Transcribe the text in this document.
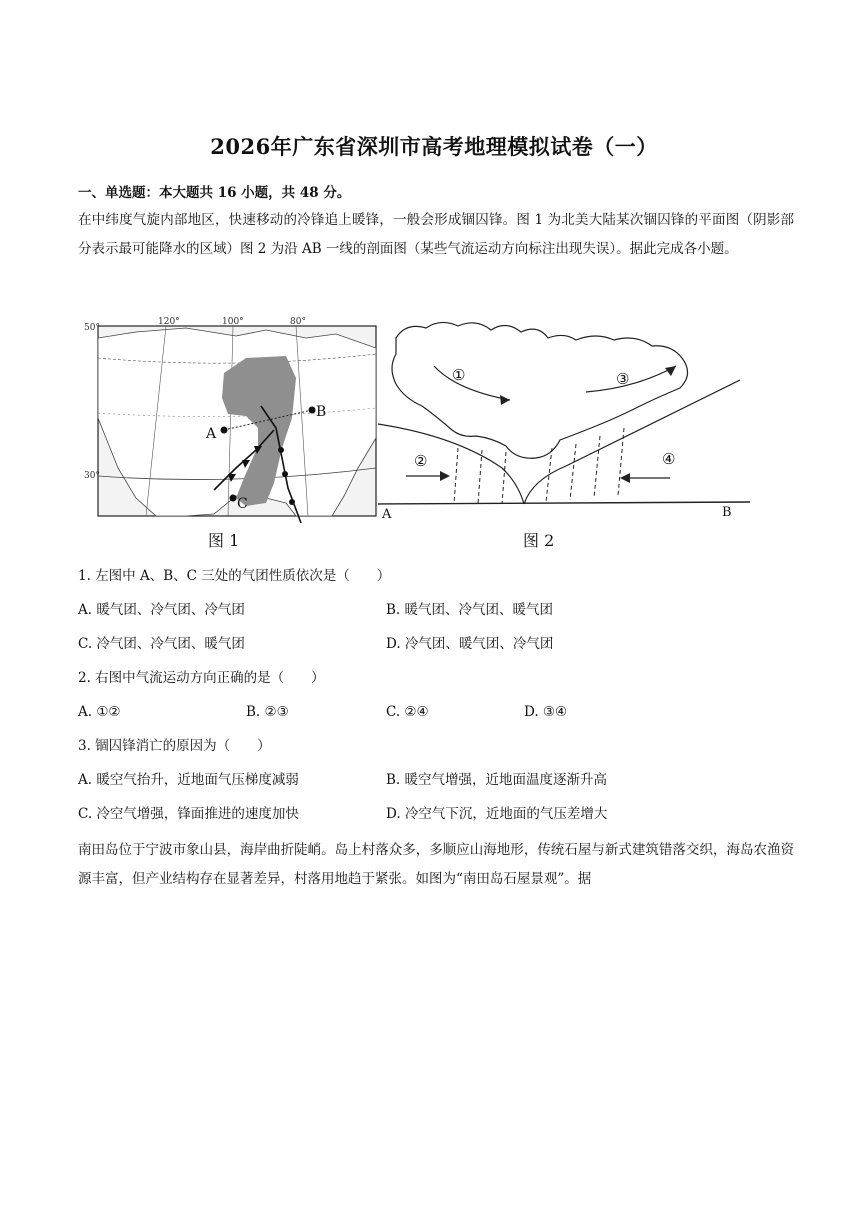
2026年广东省深圳市高考地理模拟试卷（一）
一、单选题：本大题共 16 小题，共 48 分。
在中纬度气旋内部地区，快速移动的冷锋追上暖锋，一般会形成锢囚锋。图 1 为北美大陆某次锢囚锋的平面图（阴影部分表示最可能降水的区域）图 2 为沿 AB 一线的剖面图（某些气流运动方向标注出现失误）。据此完成各小题。
A
B
C
50°
30°
120°	100°	80°
①	③
②	④
A	B
图 1	图 2
1. 左图中 A、B、C 三处的气团性质依次是（　　）
A. 暖气团、冷气团、冷气团	B. 暖气团、冷气团、暖气团
C. 冷气团、冷气团、暖气团	D. 冷气团、暖气团、冷气团
2. 右图中气流运动方向正确的是（　　）
A. ①②	B. ②③	C. ②④	D. ③④
3. 锢囚锋消亡的原因为（　　）
A. 暖空气抬升，近地面气压梯度减弱	B. 暖空气增强，近地面温度逐渐升高
C. 冷空气增强，锋面推进的速度加快	D. 冷空气下沉，近地面的气压差增大
南田岛位于宁波市象山县，海岸曲折陡峭。岛上村落众多，多顺应山海地形，传统石屋与新式建筑错落交织，海岛农渔资源丰富，但产业结构存在显著差异，村落用地趋于紧张。如图为“南田岛石屋景观”。据
